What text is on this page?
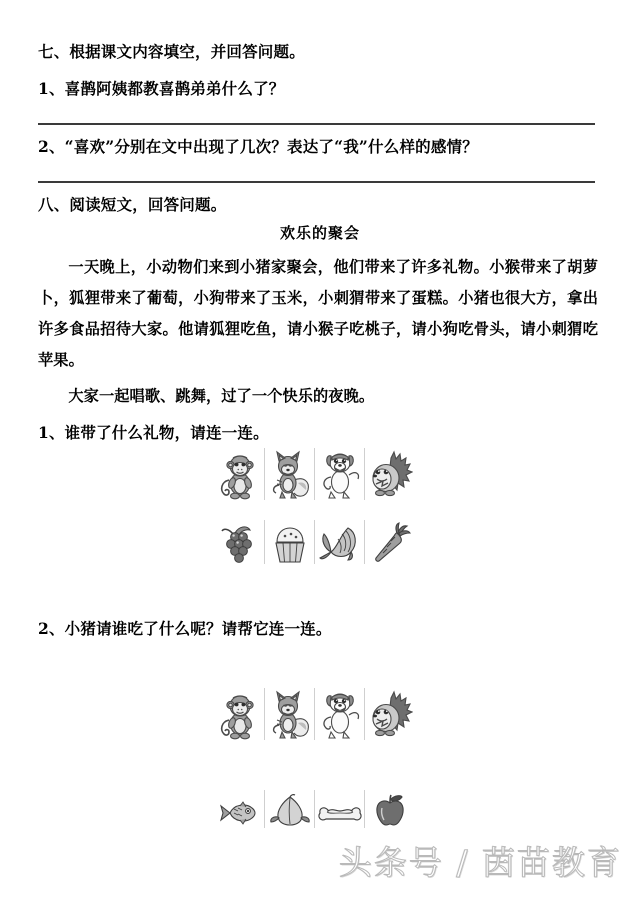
七、根据课文内容填空，并回答问题。
1、喜鹊阿姨都教喜鹊弟弟什么了？
2、“喜欢”分别在文中出现了几次？表达了“我”什么样的感情？
八、阅读短文，回答问题。
欢乐的聚会

一天晚上，小动物们来到小猪家聚会，他们带来了许多礼物。小猴带来了胡萝卜，狐狸带来了葡萄，小狗带来了玉米，小刺猬带来了蛋糕。小猪也很大方，拿出许多食品招待大家。他请狐狸吃鱼，请小猴子吃桃子，请小狗吃骨头，请小刺猬吃苹果。

大家一起唱歌、跳舞，过了一个快乐的夜晚。

1、谁带了什么礼物，请连一连。
2、小猪请谁吃了什么呢？请帮它连一连。
头条号 / 茵苗教育
